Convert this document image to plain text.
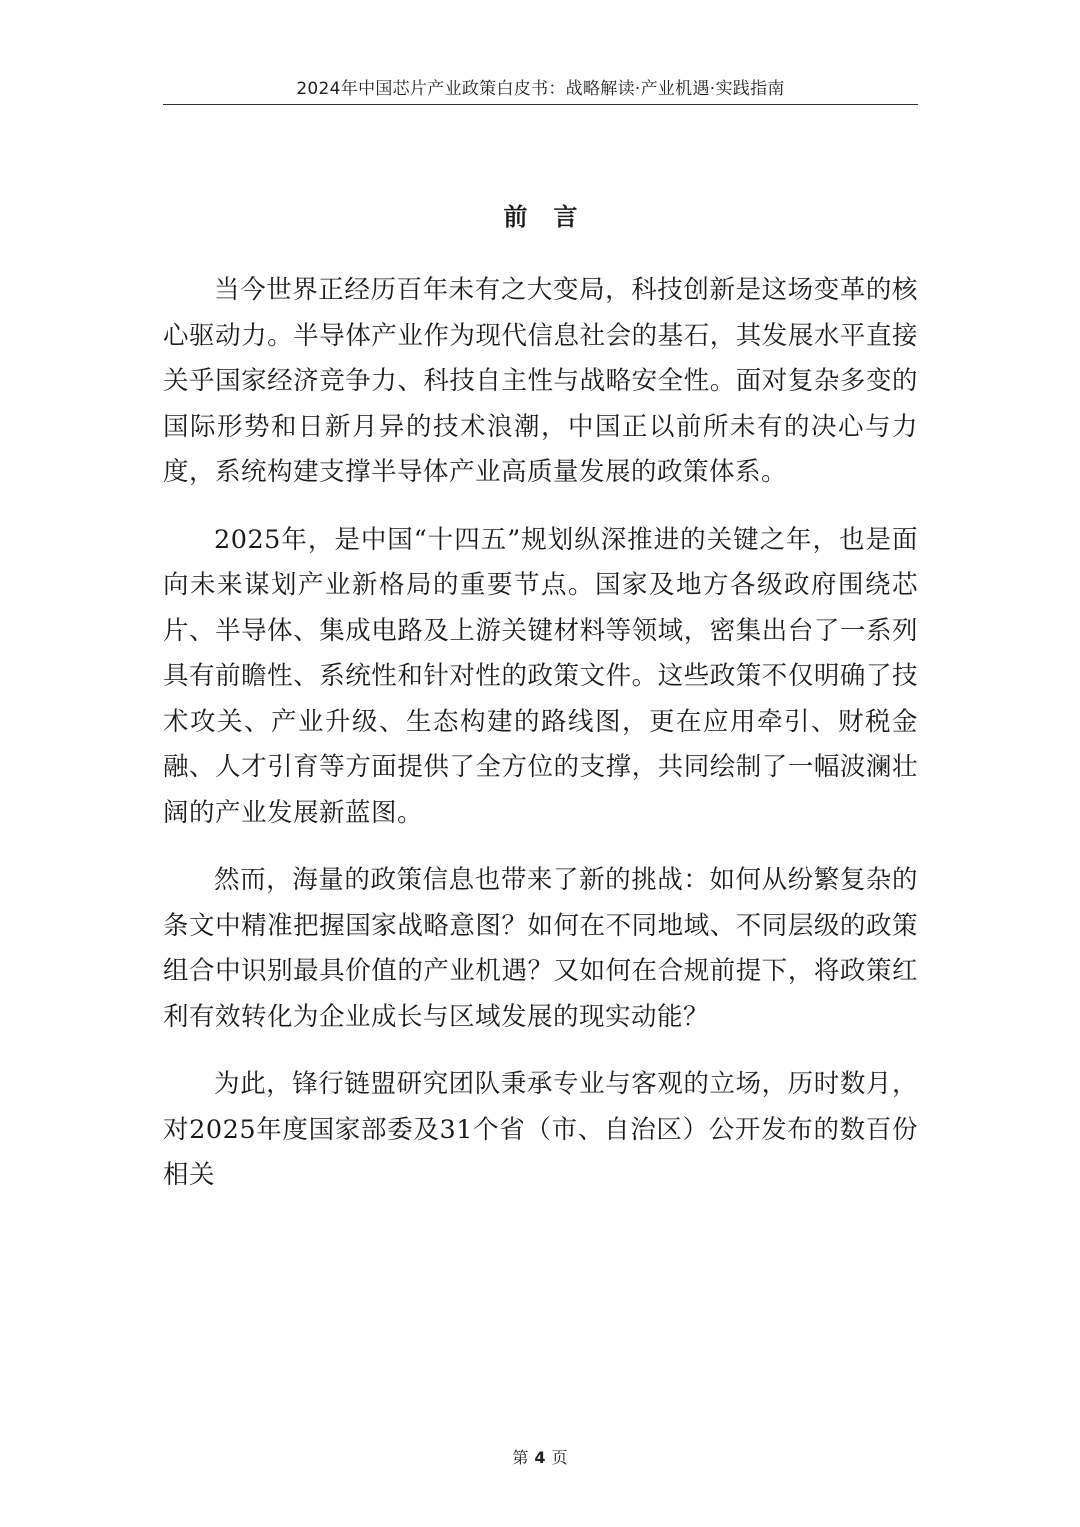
2024年中国芯片产业政策白皮书：战略解读·产业机遇·实践指南
前言

当今世界正经历百年未有之大变局，科技创新是这场变革的核心驱动力。半导体产业作为现代信息社会的基石，其发展水平直接关乎国家经济竞争力、科技自主性与战略安全性。面对复杂多变的国际形势和日新月异的技术浪潮，中国正以前所未有的决心与力度，系统构建支撑半导体产业高质量发展的政策体系。

2025年，是中国“十四五”规划纵深推进的关键之年，也是面向未来谋划产业新格局的重要节点。国家及地方各级政府围绕芯片、半导体、集成电路及上游关键材料等领域，密集出台了一系列具有前瞻性、系统性和针对性的政策文件。这些政策不仅明确了技术攻关、产业升级、生态构建的路线图，更在应用牵引、财税金融、人才引育等方面提供了全方位的支撑，共同绘制了一幅波澜壮阔的产业发展新蓝图。

然而，海量的政策信息也带来了新的挑战：如何从纷繁复杂的条文中精准把握国家战略意图？如何在不同地域、不同层级的政策组合中识别最具价值的产业机遇？又如何在合规前提下，将政策红利有效转化为企业成长与区域发展的现实动能？

为此，锋行链盟研究团队秉承专业与客观的立场，历时数月，对2025年度国家部委及31个省（市、自治区）公开发布的数百份相关

第 4 页
